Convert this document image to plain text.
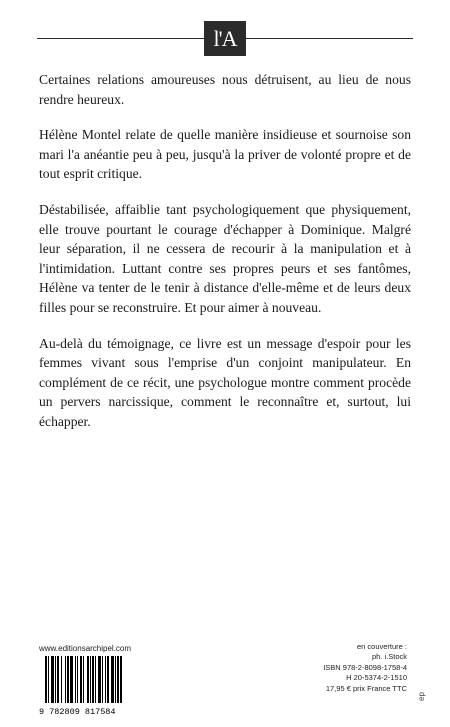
l'A

Certaines relations amoureuses nous détruisent, au lieu de nous rendre heureux.

Hélène Montel relate de quelle manière insidieuse et sournoise son mari l'a anéantie peu à peu, jusqu'à la priver de volonté propre et de tout esprit critique.

Déstabilisée, affaiblie tant psychologiquement que physiquement, elle trouve pourtant le courage d'échapper à Dominique. Malgré leur séparation, il ne cessera de recourir à la manipulation et à l'intimidation. Luttant contre ses propres peurs et ses fantômes, Hélène va tenter de le tenir à distance d'elle-même et de leurs deux filles pour se reconstruire. Et pour aimer à nouveau.

Au-delà du témoignage, ce livre est un message d'espoir pour les femmes vivant sous l'emprise d'un conjoint manipulateur. En complément de ce récit, une psychologue montre comment procède un pervers narcissique, comment le reconnaître et, surtout, lui échapper.

www.editionsarchipel.com
9 782809 817584
en couverture :
ph. i.Stock
ISBN 978-2-8098-1758-4
H 20-5374-2-1510
17,95 € prix France TTC
ep
